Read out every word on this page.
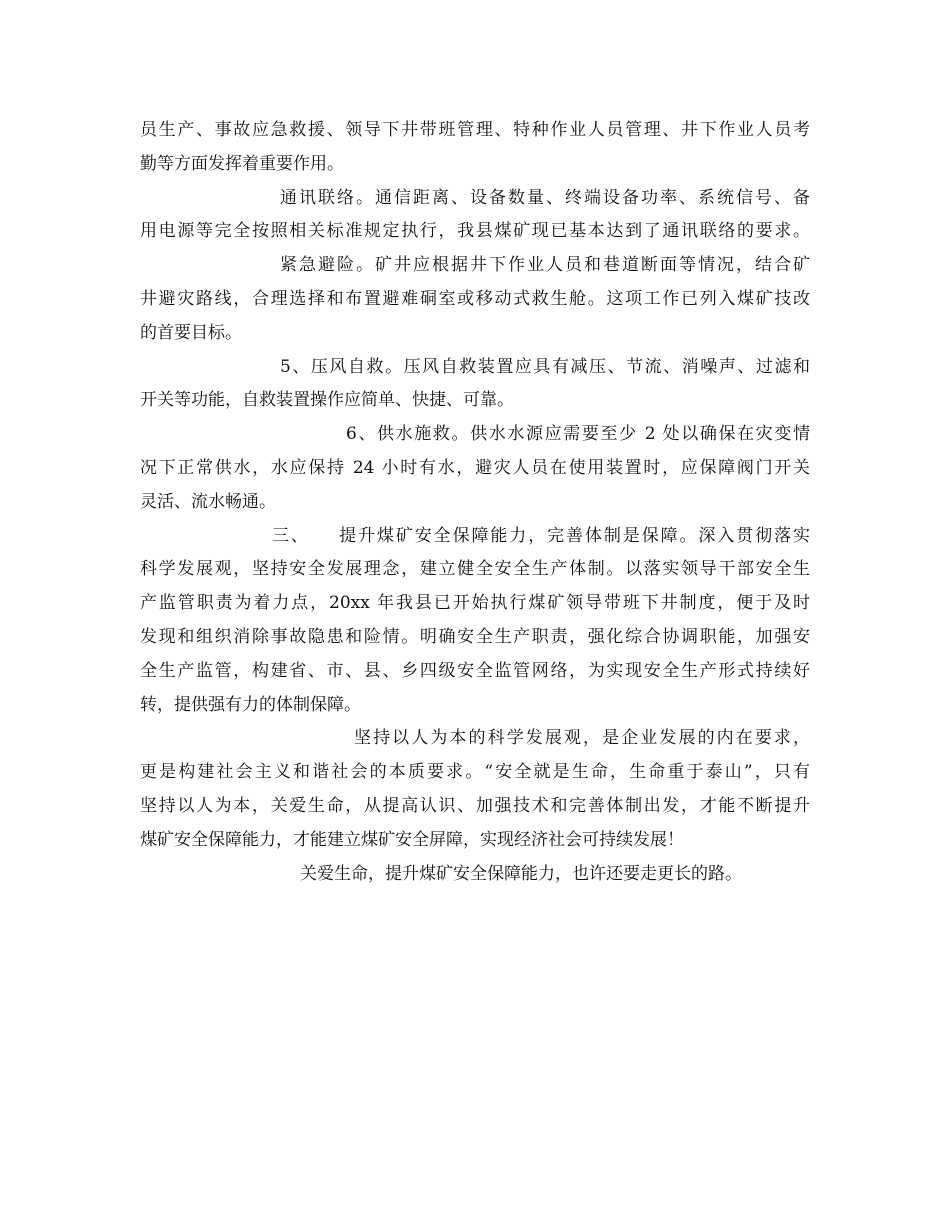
员生产、事故应急救援、领导下井带班管理、特种作业人员管理、井下作业人员考
勤等方面发挥着重要作用。
通讯联络。通信距离、设备数量、终端设备功率、系统信号、备
用电源等完全按照相关标准规定执行，我县煤矿现已基本达到了通讯联络的要求。
紧急避险。矿井应根据井下作业人员和巷道断面等情况，结合矿
井避灾路线，合理选择和布置避难硐室或移动式救生舱。这项工作已列入煤矿技改
的首要目标。
5、压风自救。压风自救装置应具有减压、节流、消噪声、过滤和
开关等功能，自救装置操作应简单、快捷、可靠。
6、供水施救。供水水源应需要至少 2 处以确保在灾变情
况下正常供水，水应保持 24 小时有水，避灾人员在使用装置时，应保障阀门开关
灵活、流水畅通。
三、    提升煤矿安全保障能力，完善体制是保障。深入贯彻落实
科学发展观，坚持安全发展理念，建立健全安全生产体制。以落实领导干部安全生
产监管职责为着力点，20xx 年我县已开始执行煤矿领导带班下井制度，便于及时
发现和组织消除事故隐患和险情。明确安全生产职责，强化综合协调职能，加强安
全生产监管，构建省、市、县、乡四级安全监管网络，为实现安全生产形式持续好
转，提供强有力的体制保障。
坚持以人为本的科学发展观，是企业发展的内在要求，
更是构建社会主义和谐社会的本质要求。“安全就是生命，生命重于泰山”，只有
坚持以人为本，关爱生命，从提高认识、加强技术和完善体制出发，才能不断提升
煤矿安全保障能力，才能建立煤矿安全屏障，实现经济社会可持续发展！
关爱生命，提升煤矿安全保障能力，也许还要走更长的路。
